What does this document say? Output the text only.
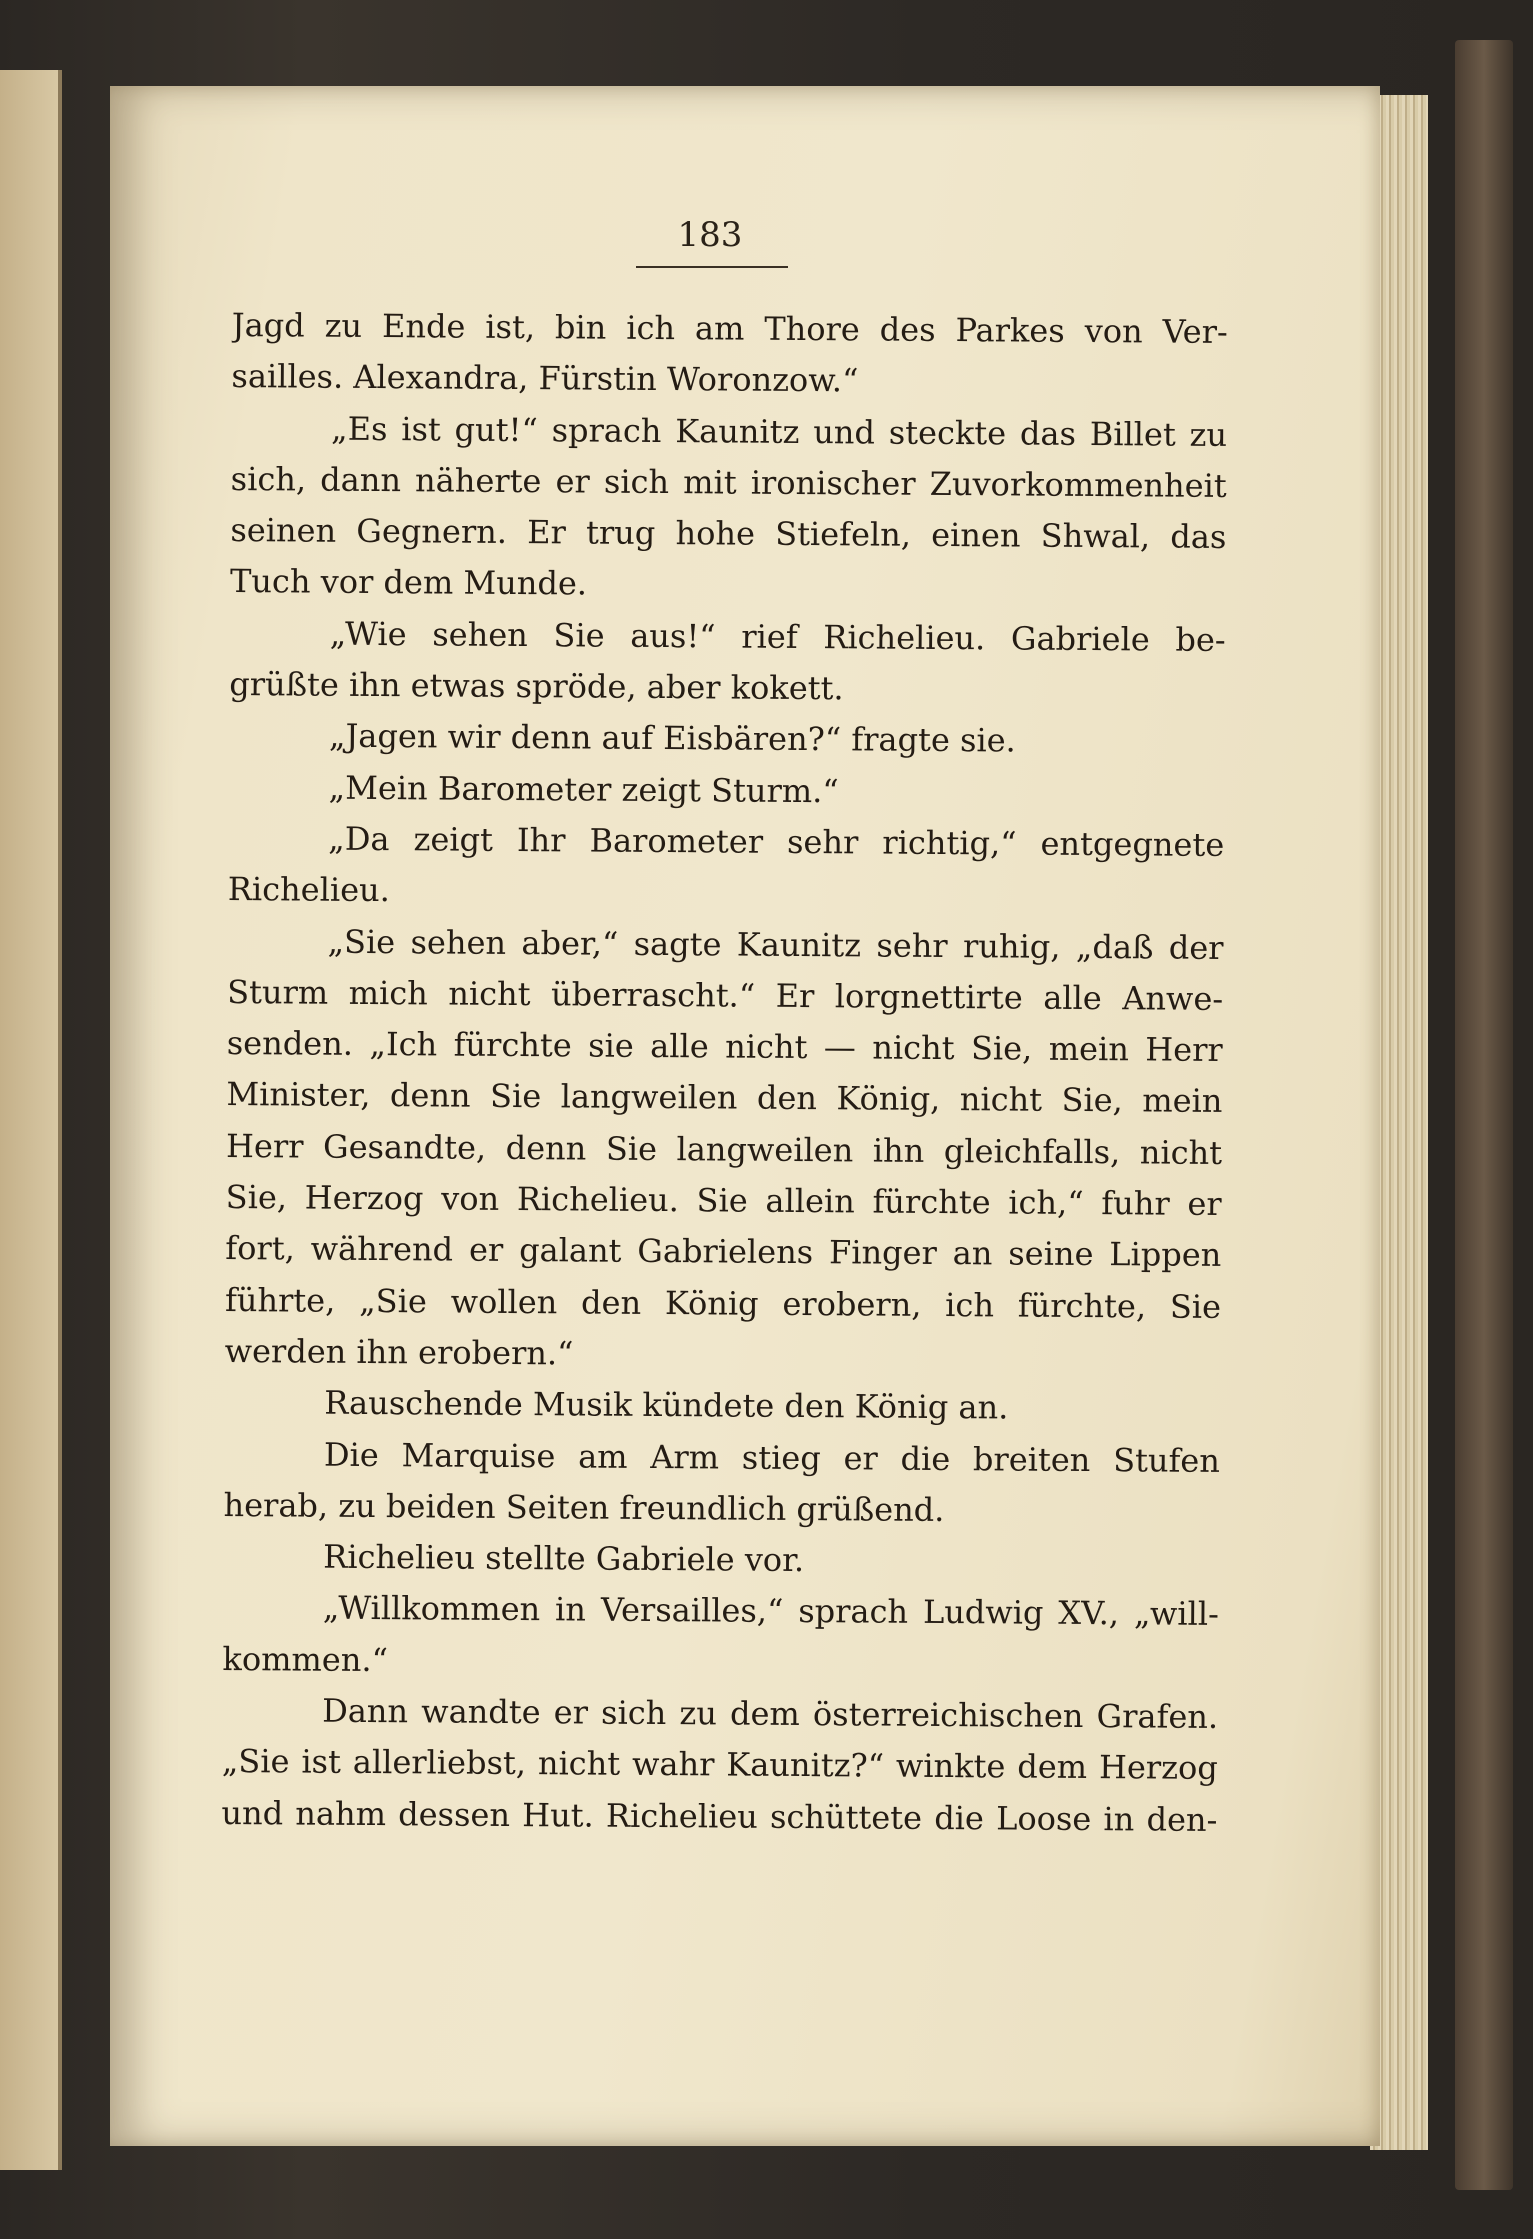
183
Jagd zu Ende ist, bin ich am Thore des Parkes von Ver-
sailles. Alexandra, Fürstin Woronzow.“
„Es ist gut!“ sprach Kaunitz und steckte das Billet zu
sich, dann näherte er sich mit ironischer Zuvorkommenheit
seinen Gegnern. Er trug hohe Stiefeln, einen Shwal, das
Tuch vor dem Munde.
„Wie sehen Sie aus!“ rief Richelieu. Gabriele be-
grüßte ihn etwas spröde, aber kokett.
„Jagen wir denn auf Eisbären?“ fragte sie.
„Mein Barometer zeigt Sturm.“
„Da zeigt Ihr Barometer sehr richtig,“ entgegnete
Richelieu.
„Sie sehen aber,“ sagte Kaunitz sehr ruhig, „daß der
Sturm mich nicht überrascht.“ Er lorgnettirte alle Anwe-
senden. „Ich fürchte sie alle nicht — nicht Sie, mein Herr
Minister, denn Sie langweilen den König, nicht Sie, mein
Herr Gesandte, denn Sie langweilen ihn gleichfalls, nicht
Sie, Herzog von Richelieu. Sie allein fürchte ich,“ fuhr er
fort, während er galant Gabrielens Finger an seine Lippen
führte, „Sie wollen den König erobern, ich fürchte, Sie
werden ihn erobern.“
Rauschende Musik kündete den König an.
Die Marquise am Arm stieg er die breiten Stufen
herab, zu beiden Seiten freundlich grüßend.
Richelieu stellte Gabriele vor.
„Willkommen in Versailles,“ sprach Ludwig XV., „will-
kommen.“
Dann wandte er sich zu dem österreichischen Grafen.
„Sie ist allerliebst, nicht wahr Kaunitz?“ winkte dem Herzog
und nahm dessen Hut. Richelieu schüttete die Loose in den-
